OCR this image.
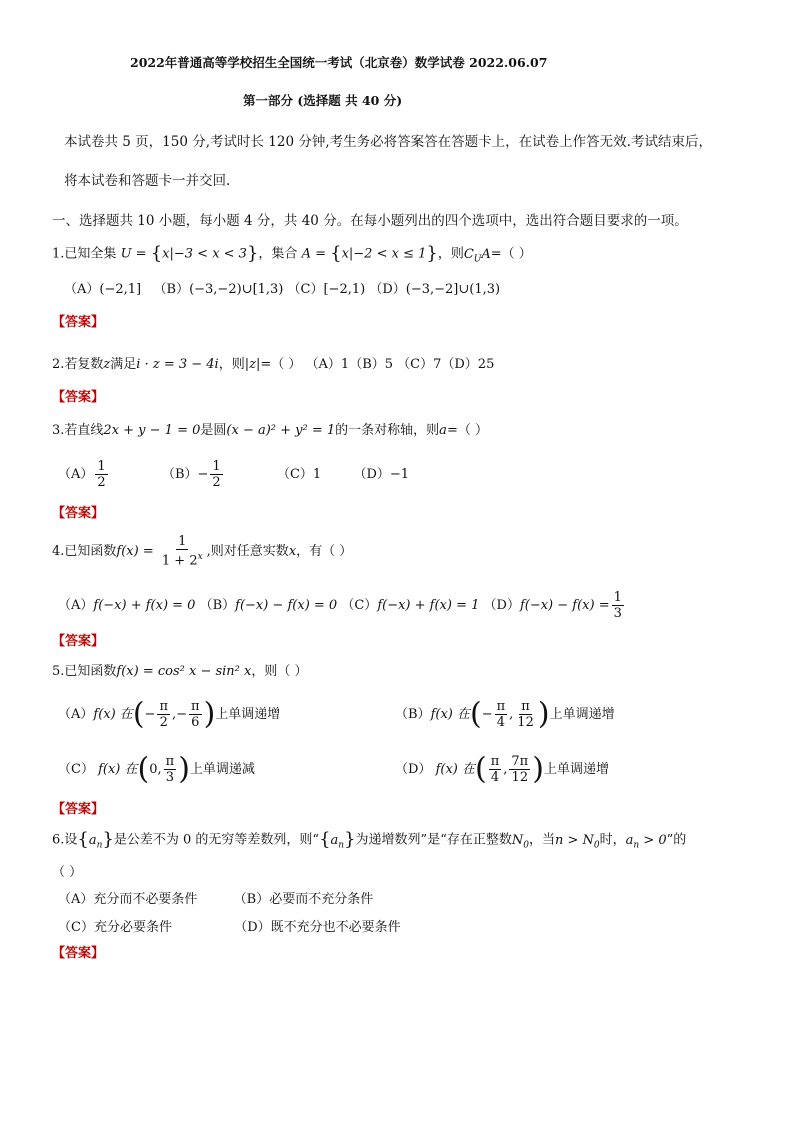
2022年普通高等学校招生全国统一考试（北京卷）数学试卷 2022.06.07
第一部分 (选择题 共 40 分)
本试卷共 5 页，150 分,考试时长 120 分钟,考生务必将答案答在答题卡上，在试卷上作答无效.考试结束后，
将本试卷和答题卡一并交回.
一、选择题共 10 小题，每小题 4 分，共 40 分。在每小题列出的四个选项中，选出符合题目要求的一项。
1.已知全集 U = {x|−3 < x < 3}，集合 A = {x|−2 < x ≤ 1}，则$C_UA=$（ ）
（A）(−2,1] （B）(−3,−2)∪[1,3) （C）[−2,1) （D）(−3,−2]∪(1,3)
【答案】
2.若复数z满足i · z = 3 − 4i，则|z|=（ ） （A）1（B）5 （C）7（D）25
【答案】
3.若直线2x + y − 1 = 0是圆(x − a)² + y² = 1的一条对称轴，则a=（ ）
$(A) \frac{1}{2}$	$(B)- \frac{1}{2}$	（C）1 （D）−1
【答案】
4.已知函数$f(x) = \frac{1}{1 + 2^x}$ ,则对任意实数x，有（ ）
（A）f(−x) + f(x) = 0 （B）f(−x) − f(x) = 0 （C）f(−x) + f(x) = 1 $(D)f(-x) - f(x) = \frac{1}{3}$
【答案】
5.已知函数f(x) = cos² x − sin² x，则（ ）
（A）f(x) 在(− $\frac{\pi}{2}$ ,− $\frac{\pi}{6}$ )上单调递增	（B）f(x) 在(− $\frac{\pi}{4}$ , $\frac{\pi}{12}$ )上单调递增
（C） f(x) 在(0, $\frac{\pi}{3}$ )上单调递减	（D） f(x) 在( $\frac{\pi}{4}$ , $\frac{7\pi}{12}$ )上单调递增
【答案】
6.设$\{a_n\}$是公差不为 0 的无穷等差数列，则“$\{a_n\}$为递增数列”是“存在正整数$N_0$，当$n > N_0$时，$a_n > 0$”的
（ ）
（A）充分而不必要条件	（B）必要而不充分条件
（C）充分必要条件	（D）既不充分也不必要条件
【答案】
